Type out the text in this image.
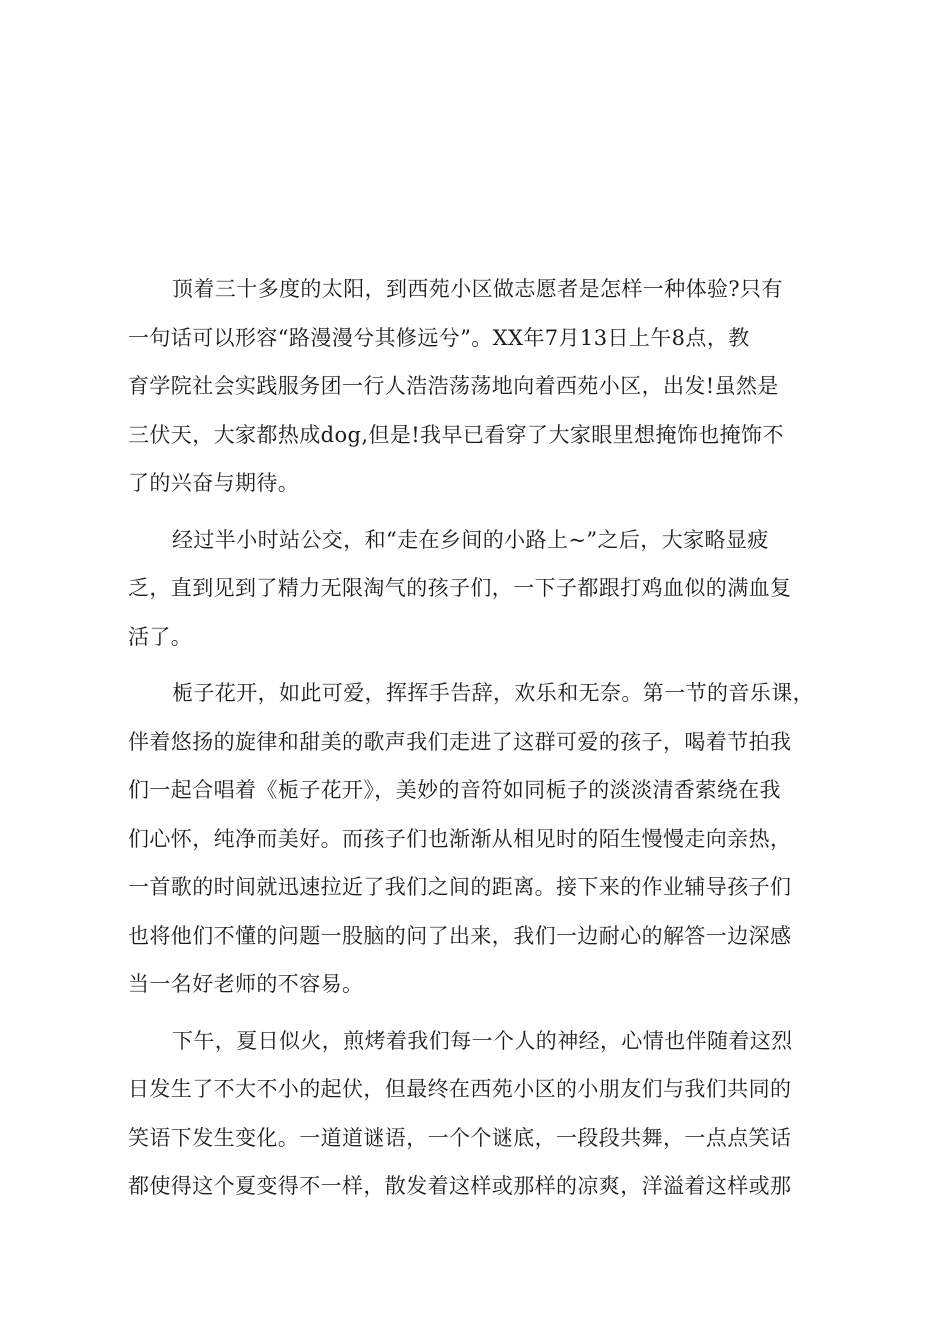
顶着三十多度的太阳，到西苑小区做志愿者是怎样一种体验?只有
一句话可以形容“路漫漫兮其修远兮”。XX年7月13日上午8点，教
育学院社会实践服务团一行人浩浩荡荡地向着西苑小区，出发!虽然是
三伏天，大家都热成dog,但是!我早已看穿了大家眼里想掩饰也掩饰不
了的兴奋与期待。

经过半小时站公交，和“走在乡间的小路上~”之后，大家略显疲
乏，直到见到了精力无限淘气的孩子们，一下子都跟打鸡血似的满血复
活了。

栀子花开，如此可爱，挥挥手告辞，欢乐和无奈。第一节的音乐课，
伴着悠扬的旋律和甜美的歌声我们走进了这群可爱的孩子，喝着节拍我
们一起合唱着《栀子花开》，美妙的音符如同栀子的淡淡清香萦绕在我
们心怀，纯净而美好。而孩子们也渐渐从相见时的陌生慢慢走向亲热，
一首歌的时间就迅速拉近了我们之间的距离。接下来的作业辅导孩子们
也将他们不懂的问题一股脑的问了出来，我们一边耐心的解答一边深感
当一名好老师的不容易。

下午，夏日似火，煎烤着我们每一个人的神经，心情也伴随着这烈
日发生了不大不小的起伏，但最终在西苑小区的小朋友们与我们共同的
笑语下发生变化。一道道谜语，一个个谜底，一段段共舞，一点点笑话
都使得这个夏变得不一样，散发着这样或那样的凉爽，洋溢着这样或那
